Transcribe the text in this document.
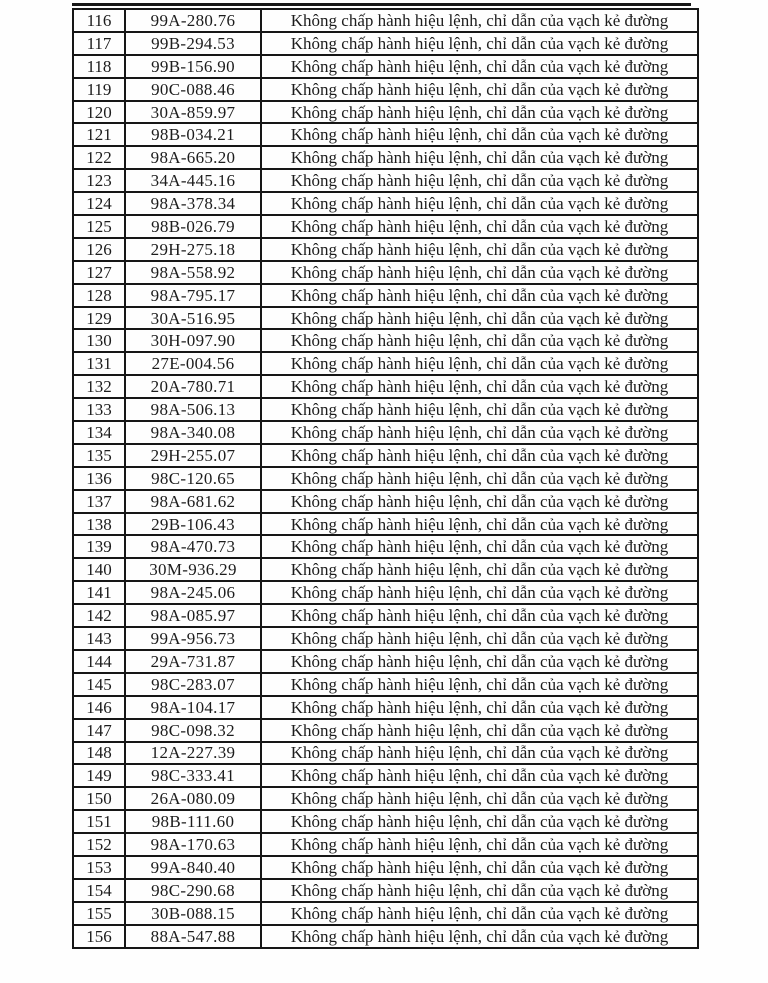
116	99A-280.76	Không chấp hành hiệu lệnh, chỉ dẫn của vạch kẻ đường
117	99B-294.53	Không chấp hành hiệu lệnh, chỉ dẫn của vạch kẻ đường
118	99B-156.90	Không chấp hành hiệu lệnh, chỉ dẫn của vạch kẻ đường
119	90C-088.46	Không chấp hành hiệu lệnh, chỉ dẫn của vạch kẻ đường
120	30A-859.97	Không chấp hành hiệu lệnh, chỉ dẫn của vạch kẻ đường
121	98B-034.21	Không chấp hành hiệu lệnh, chỉ dẫn của vạch kẻ đường
122	98A-665.20	Không chấp hành hiệu lệnh, chỉ dẫn của vạch kẻ đường
123	34A-445.16	Không chấp hành hiệu lệnh, chỉ dẫn của vạch kẻ đường
124	98A-378.34	Không chấp hành hiệu lệnh, chỉ dẫn của vạch kẻ đường
125	98B-026.79	Không chấp hành hiệu lệnh, chỉ dẫn của vạch kẻ đường
126	29H-275.18	Không chấp hành hiệu lệnh, chỉ dẫn của vạch kẻ đường
127	98A-558.92	Không chấp hành hiệu lệnh, chỉ dẫn của vạch kẻ đường
128	98A-795.17	Không chấp hành hiệu lệnh, chỉ dẫn của vạch kẻ đường
129	30A-516.95	Không chấp hành hiệu lệnh, chỉ dẫn của vạch kẻ đường
130	30H-097.90	Không chấp hành hiệu lệnh, chỉ dẫn của vạch kẻ đường
131	27E-004.56	Không chấp hành hiệu lệnh, chỉ dẫn của vạch kẻ đường
132	20A-780.71	Không chấp hành hiệu lệnh, chỉ dẫn của vạch kẻ đường
133	98A-506.13	Không chấp hành hiệu lệnh, chỉ dẫn của vạch kẻ đường
134	98A-340.08	Không chấp hành hiệu lệnh, chỉ dẫn của vạch kẻ đường
135	29H-255.07	Không chấp hành hiệu lệnh, chỉ dẫn của vạch kẻ đường
136	98C-120.65	Không chấp hành hiệu lệnh, chỉ dẫn của vạch kẻ đường
137	98A-681.62	Không chấp hành hiệu lệnh, chỉ dẫn của vạch kẻ đường
138	29B-106.43	Không chấp hành hiệu lệnh, chỉ dẫn của vạch kẻ đường
139	98A-470.73	Không chấp hành hiệu lệnh, chỉ dẫn của vạch kẻ đường
140	30M-936.29	Không chấp hành hiệu lệnh, chỉ dẫn của vạch kẻ đường
141	98A-245.06	Không chấp hành hiệu lệnh, chỉ dẫn của vạch kẻ đường
142	98A-085.97	Không chấp hành hiệu lệnh, chỉ dẫn của vạch kẻ đường
143	99A-956.73	Không chấp hành hiệu lệnh, chỉ dẫn của vạch kẻ đường
144	29A-731.87	Không chấp hành hiệu lệnh, chỉ dẫn của vạch kẻ đường
145	98C-283.07	Không chấp hành hiệu lệnh, chỉ dẫn của vạch kẻ đường
146	98A-104.17	Không chấp hành hiệu lệnh, chỉ dẫn của vạch kẻ đường
147	98C-098.32	Không chấp hành hiệu lệnh, chỉ dẫn của vạch kẻ đường
148	12A-227.39	Không chấp hành hiệu lệnh, chỉ dẫn của vạch kẻ đường
149	98C-333.41	Không chấp hành hiệu lệnh, chỉ dẫn của vạch kẻ đường
150	26A-080.09	Không chấp hành hiệu lệnh, chỉ dẫn của vạch kẻ đường
151	98B-111.60	Không chấp hành hiệu lệnh, chỉ dẫn của vạch kẻ đường
152	98A-170.63	Không chấp hành hiệu lệnh, chỉ dẫn của vạch kẻ đường
153	99A-840.40	Không chấp hành hiệu lệnh, chỉ dẫn của vạch kẻ đường
154	98C-290.68	Không chấp hành hiệu lệnh, chỉ dẫn của vạch kẻ đường
155	30B-088.15	Không chấp hành hiệu lệnh, chỉ dẫn của vạch kẻ đường
156	88A-547.88	Không chấp hành hiệu lệnh, chỉ dẫn của vạch kẻ đường
